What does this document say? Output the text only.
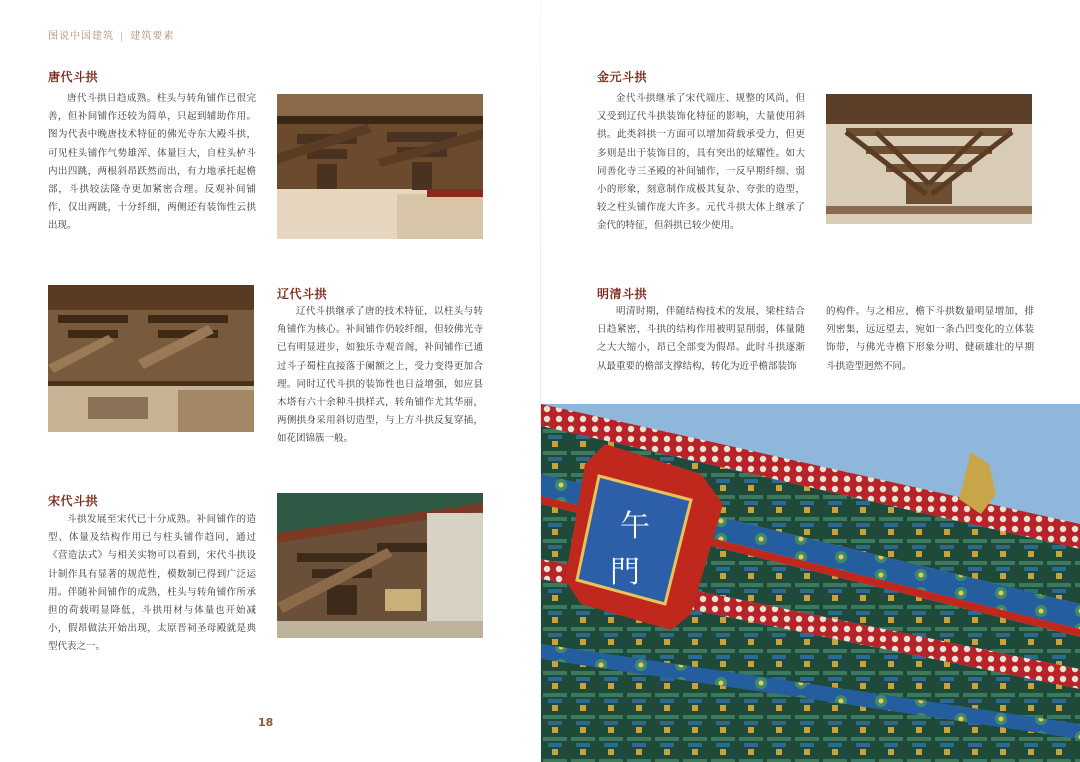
图说中国建筑 | 建筑要素
唐代斗拱
唐代斗拱日趋成熟。柱头与转角铺作已很完善，但补间铺作还较为简单，只起到辅助作用。图为代表中晚唐技术特征的佛光寺东大殿斗拱，可见柱头铺作气势雄浑、体量巨大，自柱头栌斗内出四跳，两根斜昂跃然而出，有力地承托起檐部，斗拱较法隆寺更加紧密合理。反观补间铺作，仅出两跳，十分纤细，两侧还有装饰性云拱出现。
辽代斗拱
辽代斗拱继承了唐的技术特征，以柱头与转角铺作为核心。补间铺作仍较纤细，但较佛光寺已有明显进步，如独乐寺观音阁，补间铺作已通过斗子蜀柱直接落于阑额之上，受力变得更加合理。同时辽代斗拱的装饰性也日益增强，如应县木塔有六十余种斗拱样式，转角铺作尤其华丽，两侧拱身采用斜切造型，与上方斗拱反复穿插，如花团锦簇一般。
宋代斗拱
斗拱发展至宋代已十分成熟。补间铺作的造型、体量及结构作用已与柱头铺作趋同，通过《营造法式》与相关实物可以看到，宋代斗拱设计制作具有显著的规范性，模数制已得到广泛运用。伴随补间铺作的成熟，柱头与转角铺作所承担的荷载明显降低，斗拱用材与体量也开始减小，假昂做法开始出现，太原晋祠圣母殿就是典型代表之一。
金元斗拱
金代斗拱继承了宋代端庄、规整的风尚，但又受到辽代斗拱装饰化特征的影响，大量使用斜拱。此类斜拱一方面可以增加荷载承受力，但更多则是出于装饰目的，具有突出的炫耀性。如大同善化寺三圣殿的补间铺作，一反早期纤细、弱小的形象，刻意制作成极其复杂、夸张的造型，较之柱头铺作庞大许多。元代斗拱大体上继承了金代的特征，但斜拱已较少使用。
明清斗拱
明清时期，伴随结构技术的发展，梁柱结合日趋紧密，斗拱的结构作用被明显削弱，体量随之大大缩小，昂已全部变为假昂。此时斗拱逐渐从最重要的檐部支撑结构，转化为近乎檐部装饰
的构件。与之相应，檐下斗拱数量明显增加，排列密集，远远望去，宛如一条凸凹变化的立体装饰带，与佛光寺檐下形象分明、健硕雄壮的早期斗拱造型迥然不同。
午
門
18
